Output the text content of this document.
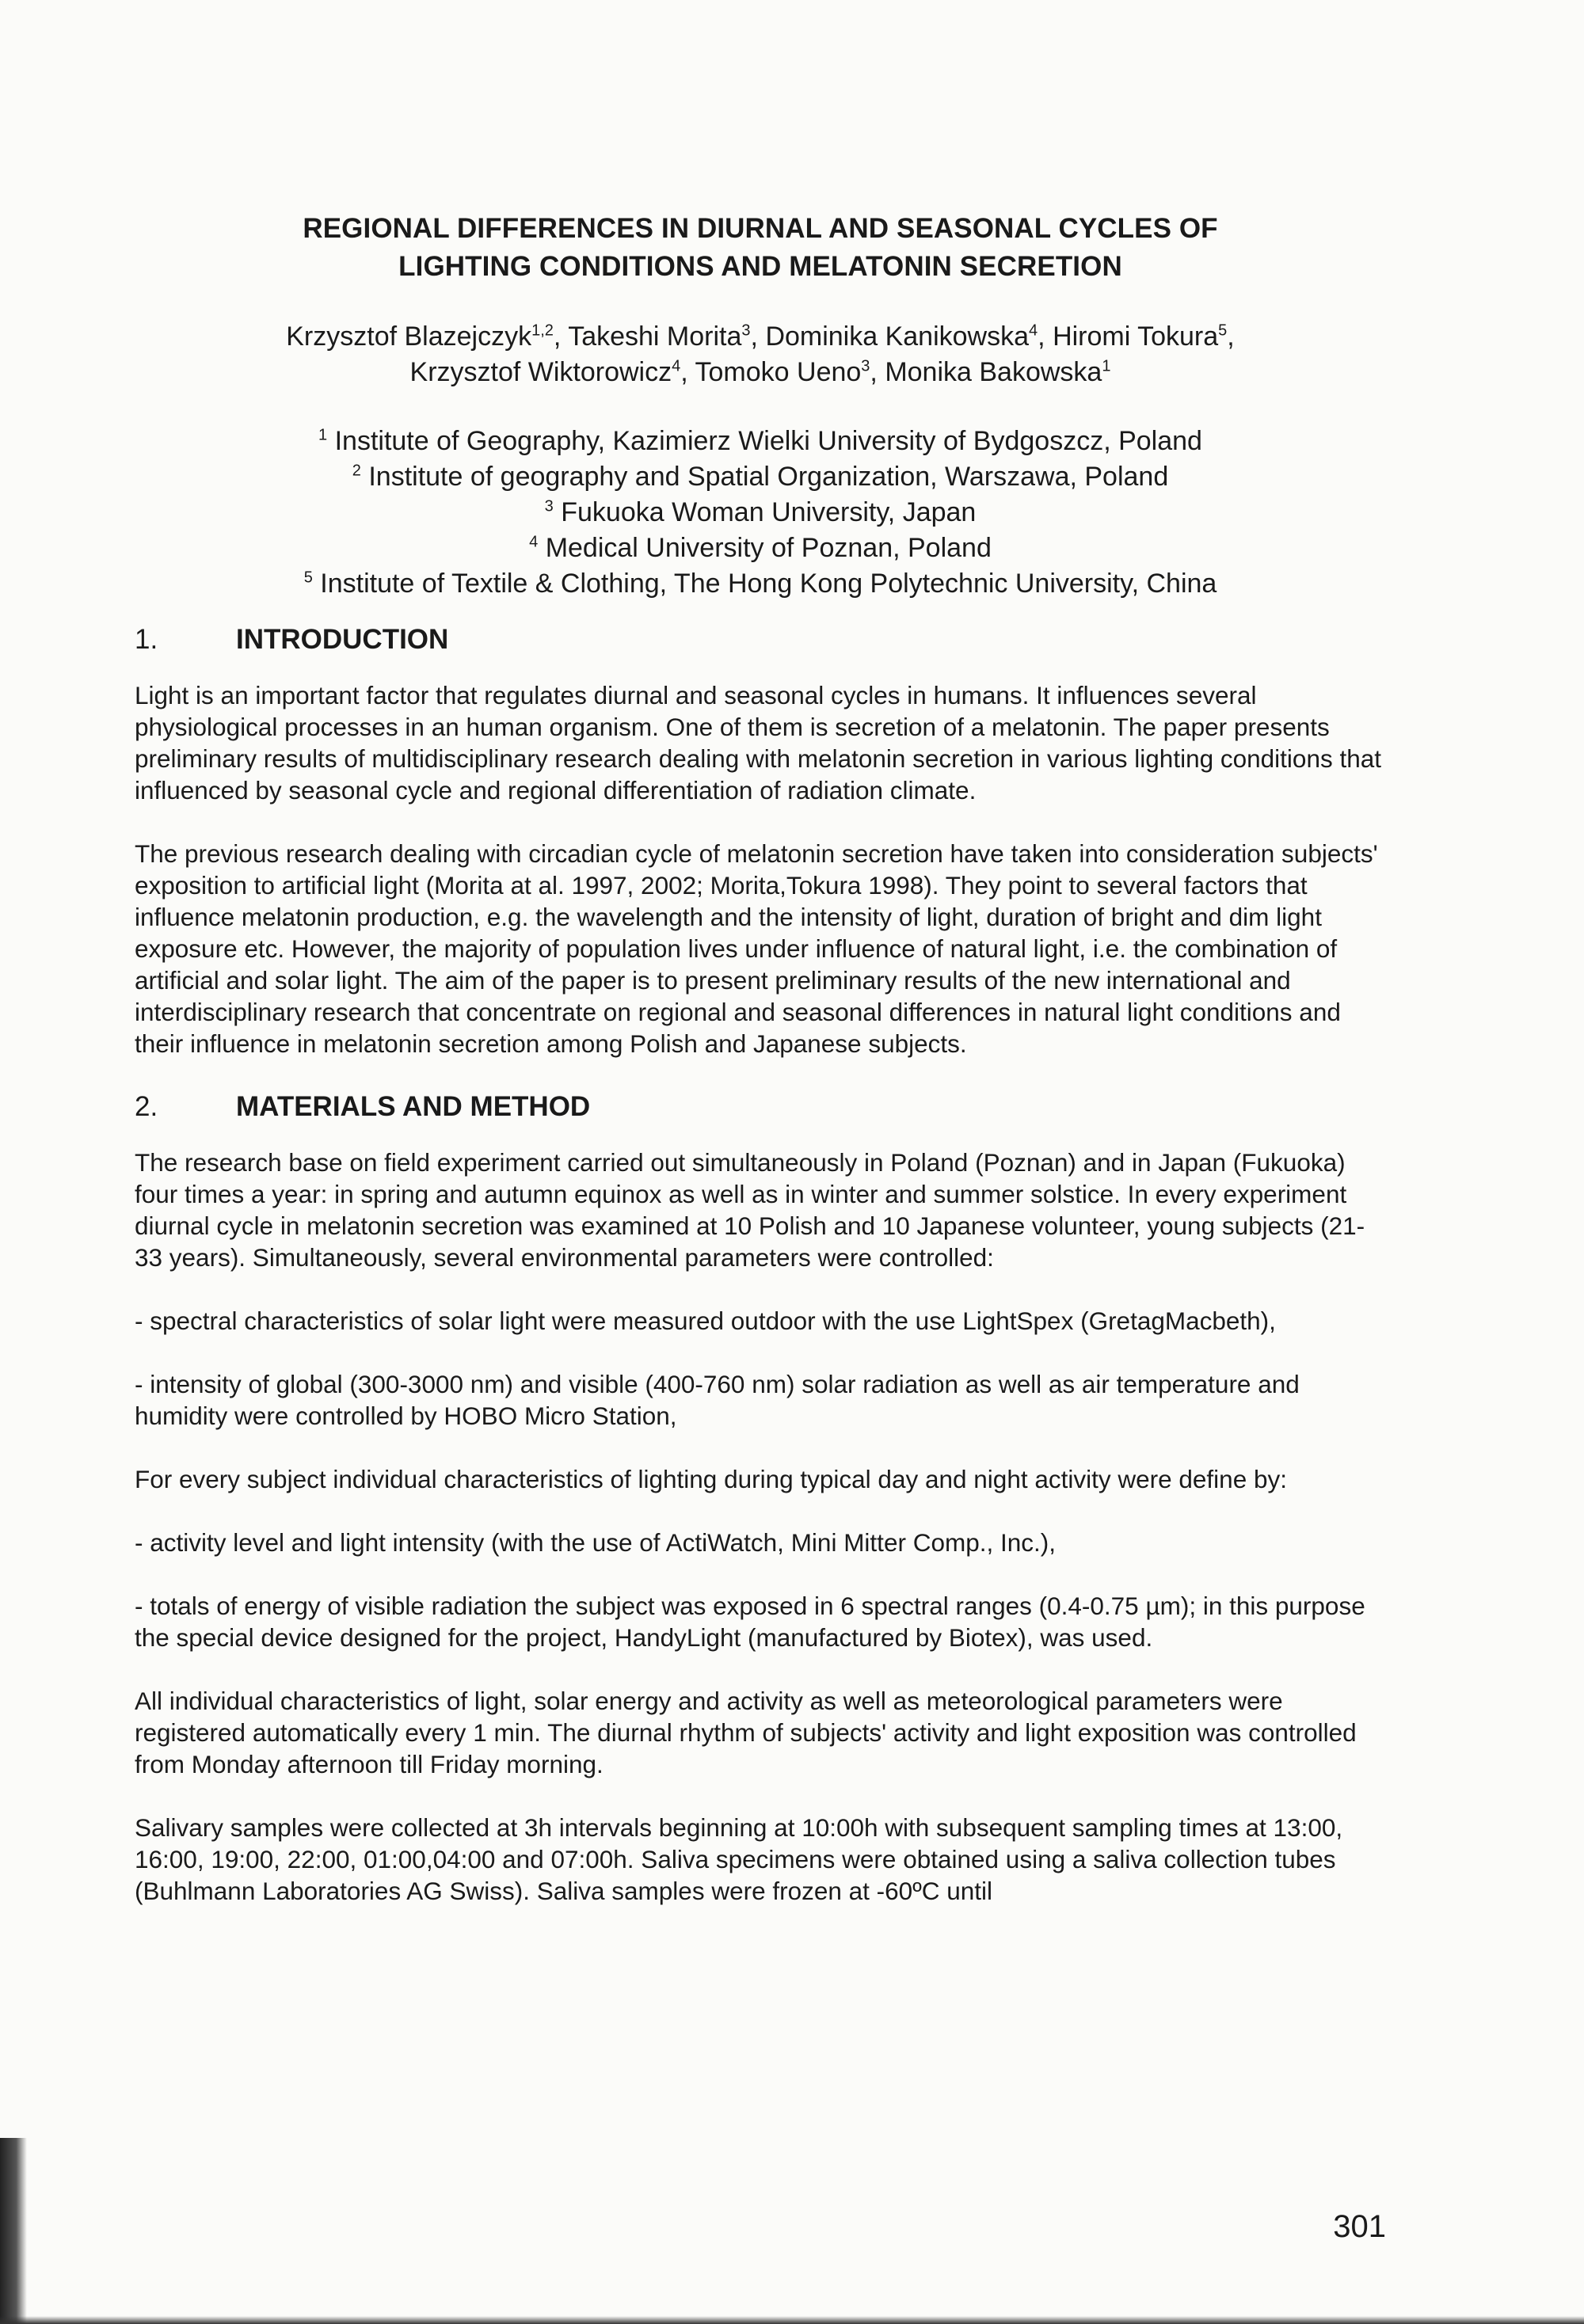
REGIONAL DIFFERENCES IN DIURNAL AND SEASONAL CYCLES OF
LIGHTING CONDITIONS AND MELATONIN SECRETION
Krzysztof Blazejczyk$^{1,2}$, Takeshi Morita$^3$, Dominika Kanikowska$^4$, Hiromi Tokura$^5$,
Krzysztof Wiktorowicz$^4$, Tomoko Ueno$^3$, Monika Bakowska$^1$
$^1$ Institute of Geography, Kazimierz Wielki University of Bydgoszcz, Poland
$^2$ Institute of geography and Spatial Organization, Warszawa, Poland
$^3$ Fukuoka Woman University, Japan
$^4$ Medical University of Poznan, Poland
$^5$ Institute of Textile & Clothing, The Hong Kong Polytechnic University, China
1.	INTRODUCTION

Light is an important factor that regulates diurnal and seasonal cycles in humans. It influences several physiological processes in an human organism. One of them is secretion of a melatonin. The paper presents preliminary results of multidisciplinary research dealing with melatonin secretion in various lighting conditions that influenced by seasonal cycle and regional differentiation of radiation climate.

The previous research dealing with circadian cycle of melatonin secretion have taken into consideration subjects' exposition to artificial light (Morita at al. 1997, 2002; Morita,Tokura 1998). They point to several factors that influence melatonin production, e.g. the wavelength and the intensity of light, duration of bright and dim light exposure etc. However, the majority of population lives under influence of natural light, i.e. the combination of artificial and solar light. The aim of the paper is to present preliminary results of the new international and interdisciplinary research that concentrate on regional and seasonal differences in natural light conditions and their influence in melatonin secretion among Polish and Japanese subjects.

2.	MATERIALS AND METHOD

The research base on field experiment carried out simultaneously in Poland (Poznan) and in Japan (Fukuoka) four times a year: in spring and autumn equinox as well as in winter and summer solstice. In every experiment diurnal cycle in melatonin secretion was examined at 10 Polish and 10 Japanese volunteer, young subjects (21-33 years). Simultaneously, several environmental parameters were controlled:

- spectral characteristics of solar light were measured outdoor with the use LightSpex (GretagMacbeth),

- intensity of global (300-3000 nm) and visible (400-760 nm) solar radiation as well as air temperature and humidity were controlled by HOBO Micro Station,

For every subject individual characteristics of lighting during typical day and night activity were define by:

- activity level and light intensity (with the use of ActiWatch, Mini Mitter Comp., Inc.),

- totals of energy of visible radiation the subject was exposed in 6 spectral ranges (0.4-0.75 µm); in this purpose the special device designed for the project, HandyLight (manufactured by Biotex), was used.

All individual characteristics of light, solar energy and activity as well as meteorological parameters were registered automatically every 1 min. The diurnal rhythm of subjects' activity and light exposition was controlled from Monday afternoon till Friday morning.

Salivary samples were collected at 3h intervals beginning at 10:00h with subsequent sampling times at 13:00, 16:00, 19:00, 22:00, 01:00,04:00 and 07:00h. Saliva specimens were obtained using a saliva collection tubes (Buhlmann Laboratories AG Swiss). Saliva samples were frozen at -60ºC until

301
